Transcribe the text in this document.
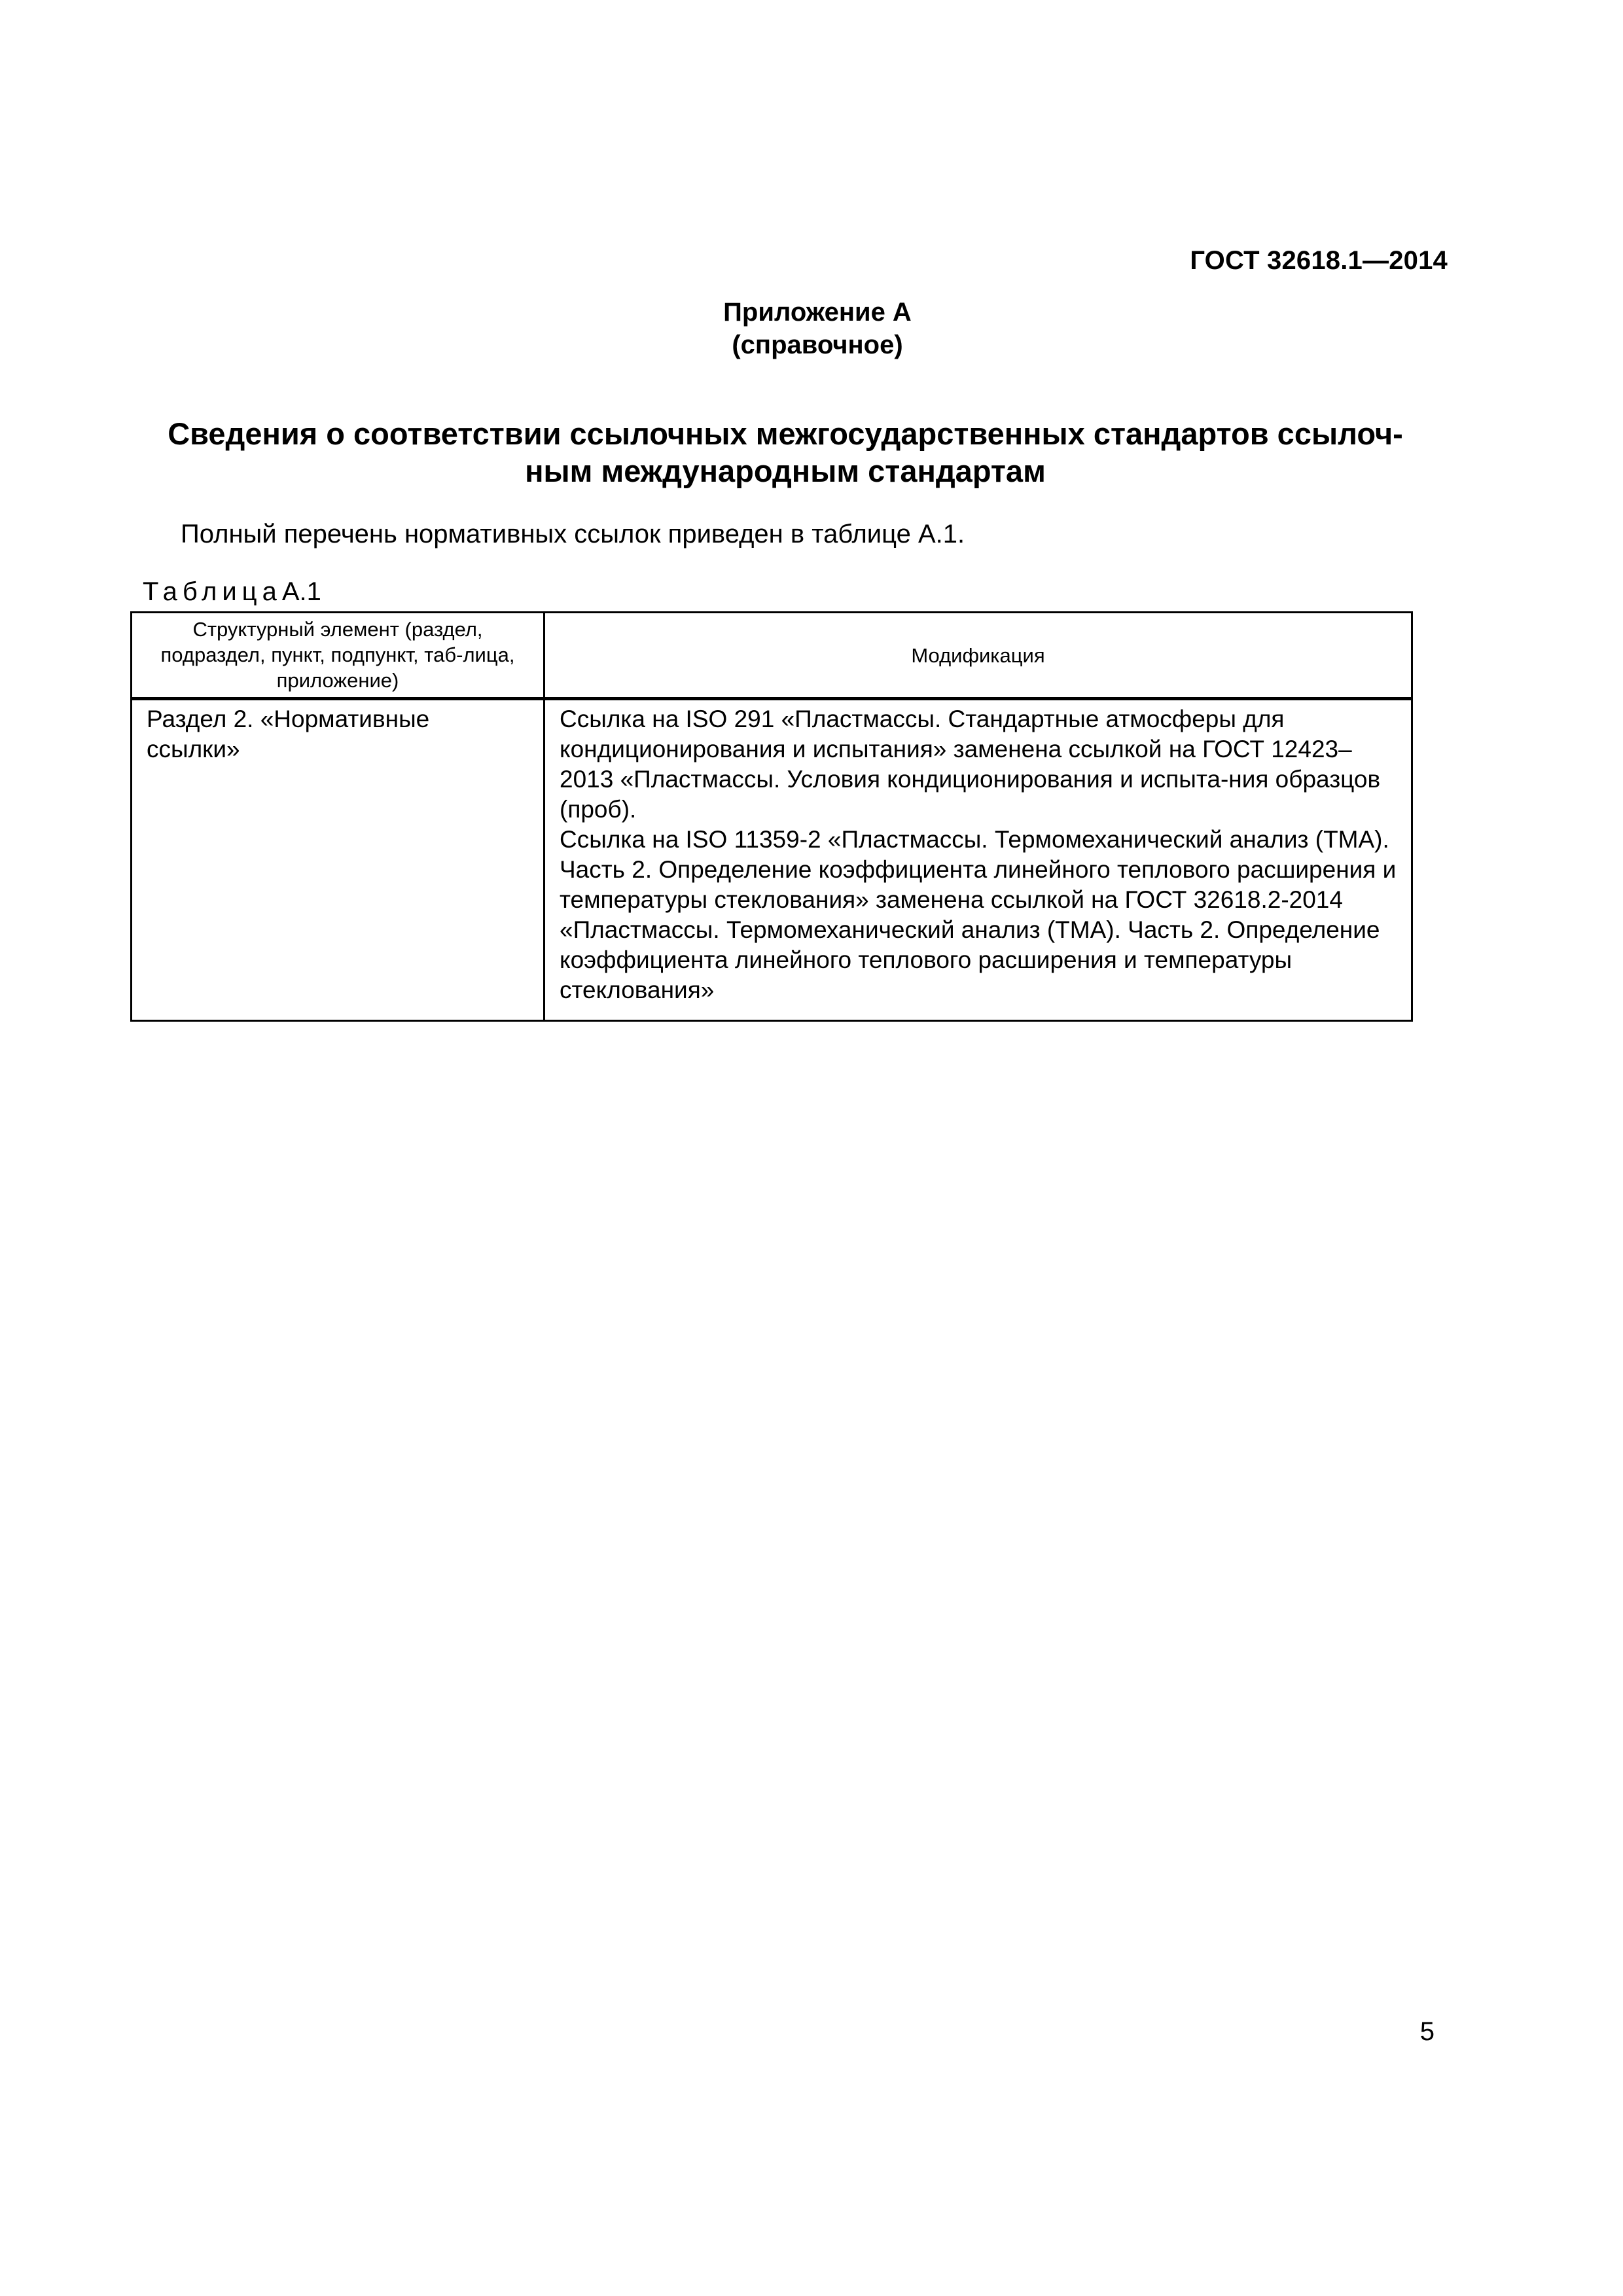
ГОСТ 32618.1—2014
Приложение А
(справочное)
Сведения о соответствии ссылочных межгосударственных стандартов ссылоч-
ным международным стандартам
Полный перечень нормативных ссылок приведен в таблице А.1.
ТаблицаА.1
Структурный элемент (раздел, подраздел, пункт, подпункт, таб-лица, приложение)	Модификация
Раздел 2. «Нормативные ссылки»	Ссылка на ISO 291 «Пластмассы. Стандартные атмосферы для кондиционирования и испытания» заменена ссылкой на ГОСТ 12423–2013 «Пластмассы. Условия кондиционирования и испыта-ния образцов (проб).
Ссылка на ISO 11359-2 «Пластмассы. Термомеханический анализ (ТМА). Часть 2. Определение коэффициента линейного теплового расширения и температуры стеклования» заменена ссылкой на ГОСТ 32618.2-2014 «Пластмассы. Термомеханический анализ (ТМА). Часть 2. Определение коэффициента линейного теплового расширения и температуры стеклования»
5
